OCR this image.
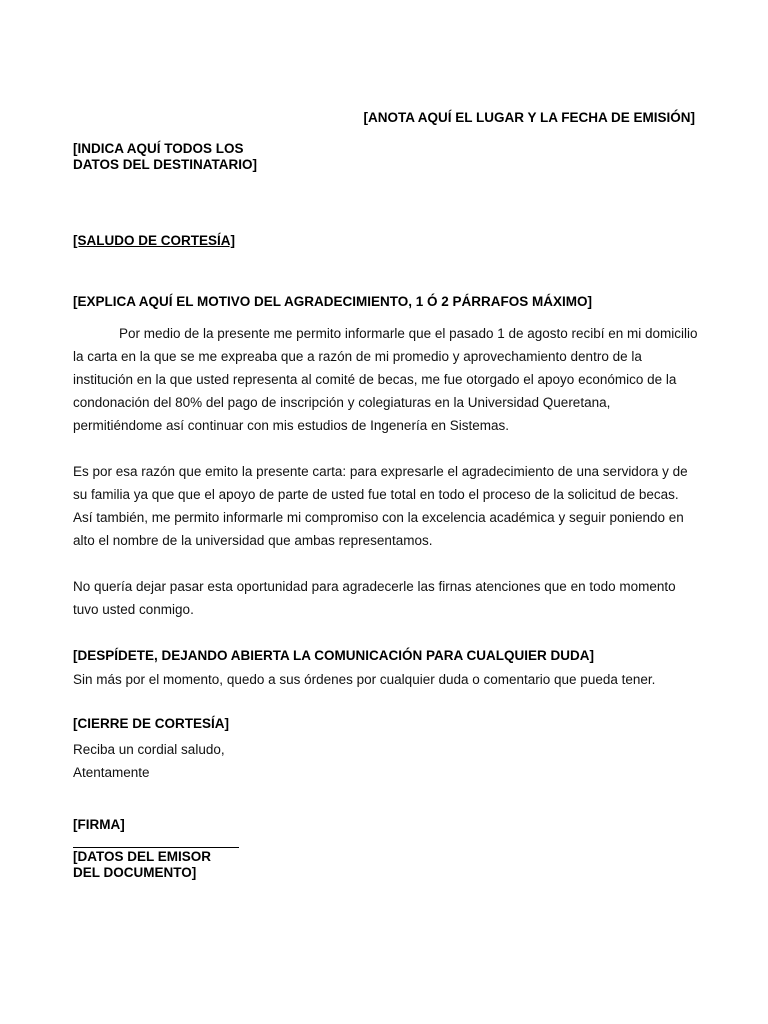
[ANOTA AQUÍ EL LUGAR Y LA FECHA DE EMISIÓN]

[INDICA AQUÍ TODOS LOS

DATOS DEL DESTINATARIO]

[SALUDO DE CORTESÍA]

[EXPLICA AQUÍ EL MOTIVO DEL AGRADECIMIENTO, 1 Ó 2 PÁRRAFOS MÁXIMO]

Por medio de la presente me permito informarle que el pasado 1 de agosto recibí en mi domicilio la carta en la que se me expreaba que a razón de mi promedio y aprovechamiento dentro de la institución en la que usted representa al comité de becas, me fue otorgado el apoyo económico de la condonación del 80% del pago de inscripción y colegiaturas en la Universidad Queretana, permitiéndome así continuar con mis estudios de Ingenería en Sistemas.

Es por esa razón que emito la presente carta: para expresarle el agradecimiento de una servidora y de su familia ya que que el apoyo de parte de usted fue total en todo el proceso de la solicitud de becas. Así también, me permito informarle mi compromiso con la excelencia académica y seguir poniendo en alto el nombre de la universidad que ambas representamos.

No quería dejar pasar esta oportunidad para agradecerle las firnas atenciones que en todo momento tuvo usted conmigo.

[DESPÍDETE, DEJANDO ABIERTA LA COMUNICACIÓN PARA CUALQUIER DUDA]

Sin más por el momento, quedo a sus órdenes por cualquier duda o comentario que pueda tener.

[CIERRE DE CORTESÍA]

Reciba un cordial saludo,
Atentamente

[FIRMA]

[DATOS DEL EMISOR

DEL DOCUMENTO]
